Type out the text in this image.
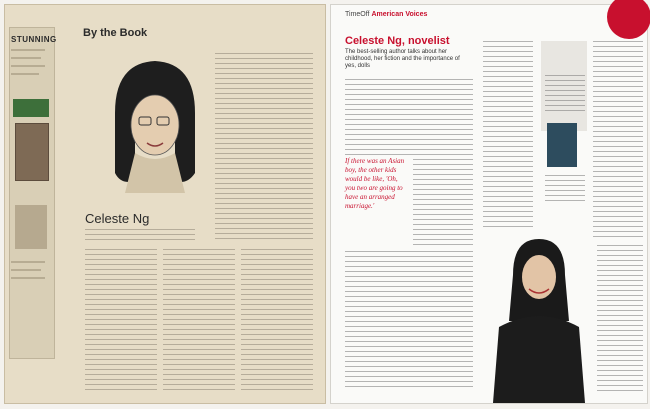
STUNNING
By the Book
Celeste Ng
TimeOff American Voices
Celeste Ng, novelist
The best-selling author talks about her childhood, her fiction and the importance of yes, dolls
If there was an Asian boy, the other kids would be like, 'Oh, you two are going to have an arranged marriage.'
